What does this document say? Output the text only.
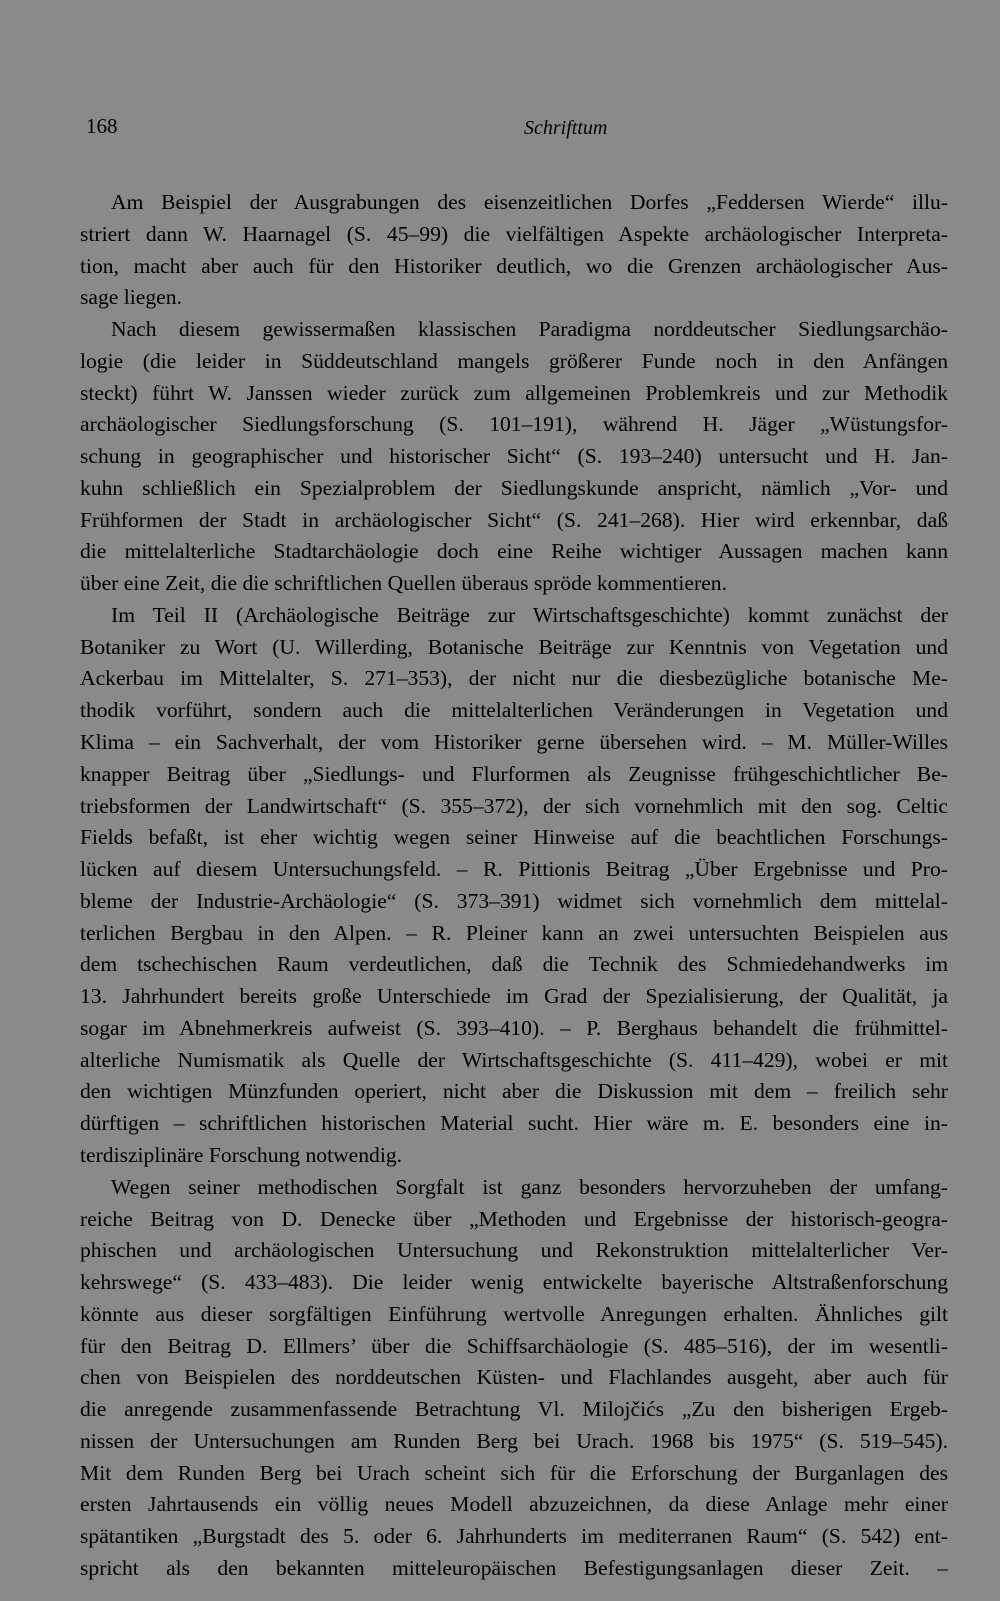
168	Schrifttum
Am Beispiel der Ausgrabungen des eisenzeitlichen Dorfes „Feddersen Wierde“ illu-
striert dann W. Haarnagel (S. 45–99) die vielfältigen Aspekte archäologischer Interpreta-
tion, macht aber auch für den Historiker deutlich, wo die Grenzen archäologischer Aus-
sage liegen.
Nach diesem gewissermaßen klassischen Paradigma norddeutscher Siedlungsarchäo-
logie (die leider in Süddeutschland mangels größerer Funde noch in den Anfängen
steckt) führt W. Janssen wieder zurück zum allgemeinen Problemkreis und zur Methodik
archäologischer Siedlungsforschung (S. 101–191), während H. Jäger „Wüstungsfor-
schung in geographischer und historischer Sicht“ (S. 193–240) untersucht und H. Jan-
kuhn schließlich ein Spezialproblem der Siedlungskunde anspricht, nämlich „Vor- und
Frühformen der Stadt in archäologischer Sicht“ (S. 241–268). Hier wird erkennbar, daß
die mittelalterliche Stadtarchäologie doch eine Reihe wichtiger Aussagen machen kann
über eine Zeit, die die schriftlichen Quellen überaus spröde kommentieren.
Im Teil II (Archäologische Beiträge zur Wirtschaftsgeschichte) kommt zunächst der
Botaniker zu Wort (U. Willerding, Botanische Beiträge zur Kenntnis von Vegetation und
Ackerbau im Mittelalter, S. 271–353), der nicht nur die diesbezügliche botanische Me-
thodik vorführt, sondern auch die mittelalterlichen Veränderungen in Vegetation und
Klima – ein Sachverhalt, der vom Historiker gerne übersehen wird. – M. Müller-Willes
knapper Beitrag über „Siedlungs- und Flurformen als Zeugnisse frühgeschichtlicher Be-
triebsformen der Landwirtschaft“ (S. 355–372), der sich vornehmlich mit den sog. Celtic
Fields befaßt, ist eher wichtig wegen seiner Hinweise auf die beachtlichen Forschungs-
lücken auf diesem Untersuchungsfeld. – R. Pittionis Beitrag „Über Ergebnisse und Pro-
bleme der Industrie-Archäologie“ (S. 373–391) widmet sich vornehmlich dem mittelal-
terlichen Bergbau in den Alpen. – R. Pleiner kann an zwei untersuchten Beispielen aus
dem tschechischen Raum verdeutlichen, daß die Technik des Schmiedehandwerks im
13. Jahrhundert bereits große Unterschiede im Grad der Spezialisierung, der Qualität, ja
sogar im Abnehmerkreis aufweist (S. 393–410). – P. Berghaus behandelt die frühmittel-
alterliche Numismatik als Quelle der Wirtschaftsgeschichte (S. 411–429), wobei er mit
den wichtigen Münzfunden operiert, nicht aber die Diskussion mit dem – freilich sehr
dürftigen – schriftlichen historischen Material sucht. Hier wäre m. E. besonders eine in-
terdisziplinäre Forschung notwendig.
Wegen seiner methodischen Sorgfalt ist ganz besonders hervorzuheben der umfang-
reiche Beitrag von D. Denecke über „Methoden und Ergebnisse der historisch-geogra-
phischen und archäologischen Untersuchung und Rekonstruktion mittelalterlicher Ver-
kehrswege“ (S. 433–483). Die leider wenig entwickelte bayerische Altstraßenforschung
könnte aus dieser sorgfältigen Einführung wertvolle Anregungen erhalten. Ähnliches gilt
für den Beitrag D. Ellmers’ über die Schiffsarchäologie (S. 485–516), der im wesentli-
chen von Beispielen des norddeutschen Küsten- und Flachlandes ausgeht, aber auch für
die anregende zusammenfassende Betrachtung Vl. Milojčićs „Zu den bisherigen Ergeb-
nissen der Untersuchungen am Runden Berg bei Urach. 1968 bis 1975“ (S. 519–545).
Mit dem Runden Berg bei Urach scheint sich für die Erforschung der Burganlagen des
ersten Jahrtausends ein völlig neues Modell abzuzeichnen, da diese Anlage mehr einer
spätantiken „Burgstadt des 5. oder 6. Jahrhunderts im mediterranen Raum“ (S. 542) ent-
spricht als den bekannten mitteleuropäischen Befestigungsanlagen dieser Zeit. –
